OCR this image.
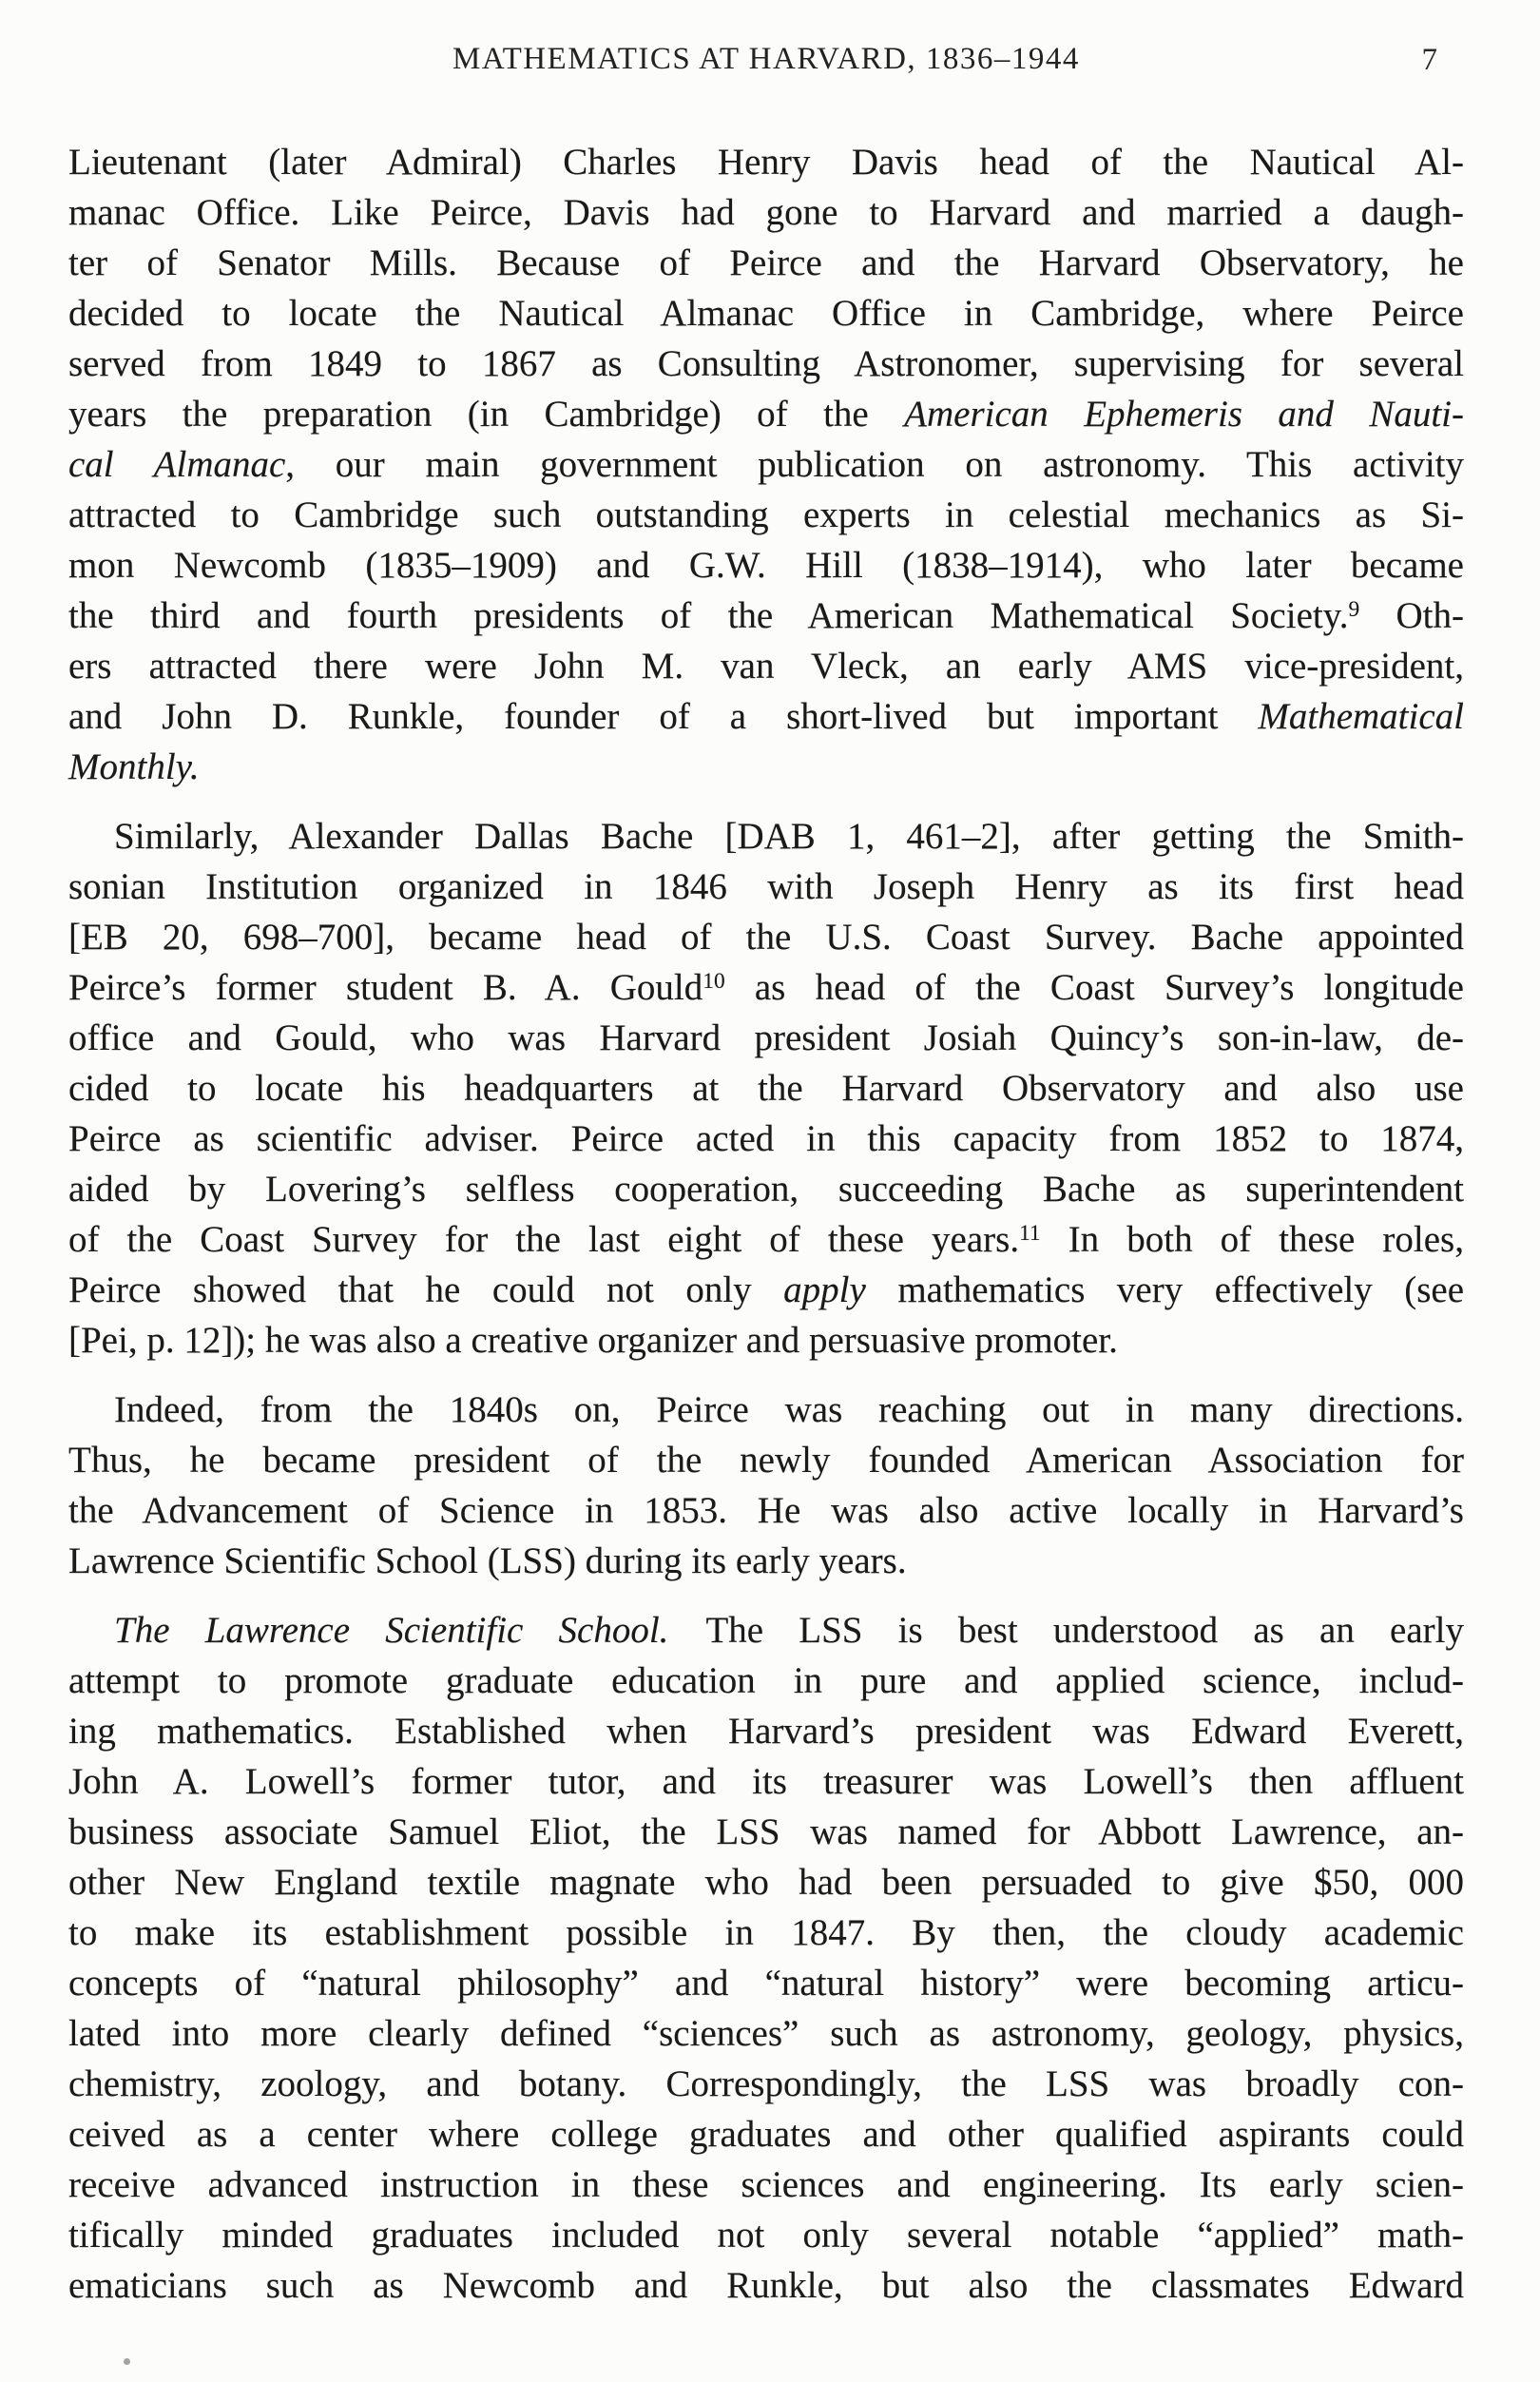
MATHEMATICS AT HARVARD, 1836–1944	7
Lieutenant (later Admiral) Charles Henry Davis head of the Nautical Al-
manac Office. Like Peirce, Davis had gone to Harvard and married a daugh-
ter of Senator Mills. Because of Peirce and the Harvard Observatory, he
decided to locate the Nautical Almanac Office in Cambridge, where Peirce
served from 1849 to 1867 as Consulting Astronomer, supervising for several
years the preparation (in Cambridge) of the American Ephemeris and Nauti-
cal Almanac, our main government publication on astronomy. This activity
attracted to Cambridge such outstanding experts in celestial mechanics as Si-
mon Newcomb (1835–1909) and G.W. Hill (1838–1914), who later became
the third and fourth presidents of the American Mathematical Society.$^9$ Oth-
ers attracted there were John M. van Vleck, an early AMS vice-president,
and John D. Runkle, founder of a short-lived but important Mathematical
Monthly.
Similarly, Alexander Dallas Bache [DAB 1, 461–2], after getting the Smith-
sonian Institution organized in 1846 with Joseph Henry as its first head
[EB 20, 698–700], became head of the U.S. Coast Survey. Bache appointed
Peirce’s former student B. A. Gould$^{10}$ as head of the Coast Survey’s longitude
office and Gould, who was Harvard president Josiah Quincy’s son-in-law, de-
cided to locate his headquarters at the Harvard Observatory and also use
Peirce as scientific adviser. Peirce acted in this capacity from 1852 to 1874,
aided by Lovering’s selfless cooperation, succeeding Bache as superintendent
of the Coast Survey for the last eight of these years.$^{11}$ In both of these roles,
Peirce showed that he could not only apply mathematics very effectively (see
[Pei, p. 12]); he was also a creative organizer and persuasive promoter.
Indeed, from the 1840s on, Peirce was reaching out in many directions.
Thus, he became president of the newly founded American Association for
the Advancement of Science in 1853. He was also active locally in Harvard’s
Lawrence Scientific School (LSS) during its early years.
The Lawrence Scientific School.  The LSS is best understood as an early
attempt to promote graduate education in pure and applied science, includ-
ing mathematics. Established when Harvard’s president was Edward Everett,
John A. Lowell’s former tutor, and its treasurer was Lowell’s then affluent
business associate Samuel Eliot, the LSS was named for Abbott Lawrence, an-
other New England textile magnate who had been persuaded to give $50, 000
to make its establishment possible in 1847. By then, the cloudy academic
concepts of “natural philosophy” and “natural history” were becoming articu-
lated into more clearly defined “sciences” such as astronomy, geology, physics,
chemistry, zoology, and botany. Correspondingly, the LSS was broadly con-
ceived as a center where college graduates and other qualified aspirants could
receive advanced instruction in these sciences and engineering. Its early scien-
tifically minded graduates included not only several notable “applied” math-
ematicians such as Newcomb and Runkle, but also the classmates Edward
